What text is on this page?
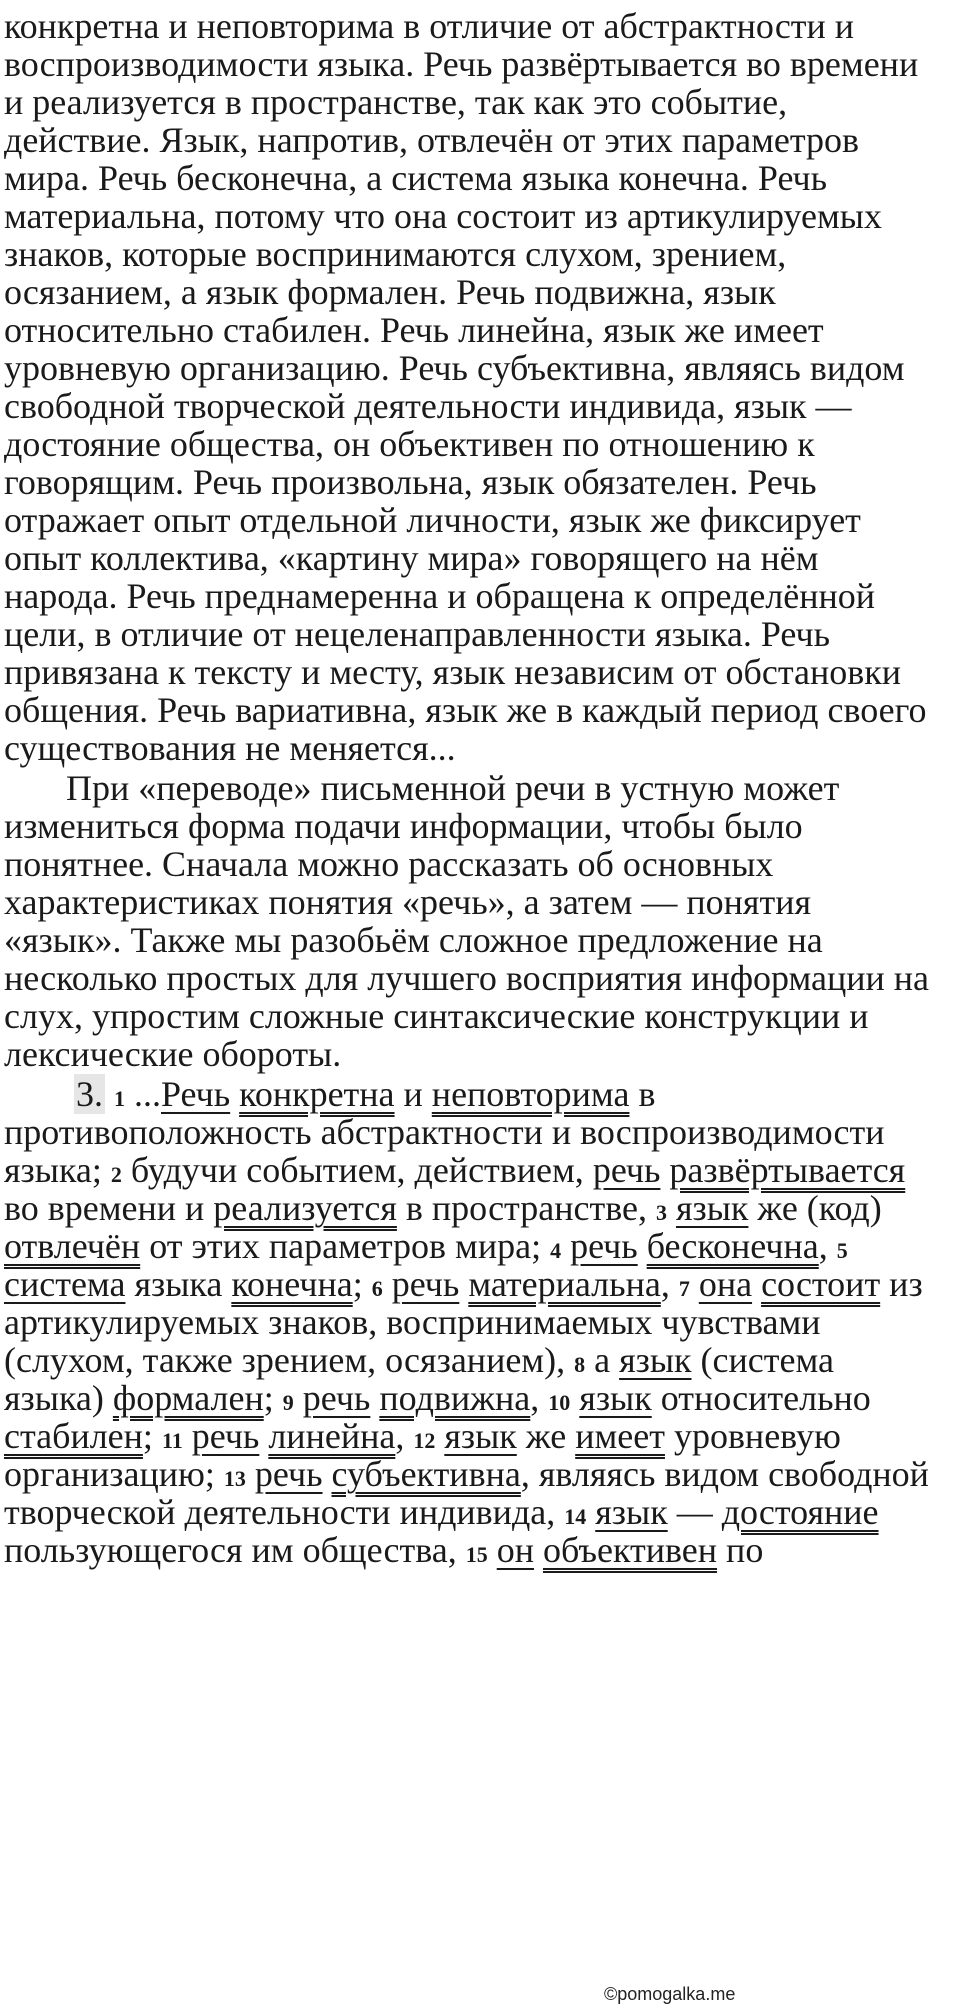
конкретна и неповторима в отличие от абстрактности и
воспроизводимости языка. Речь развёртывается во времени
и реализуется в пространстве, так как это событие,
действие. Язык, напротив, отвлечён от этих параметров
мира. Речь бесконечна, а система языка конечна. Речь
материальна, потому что она состоит из артикулируемых
знаков, которые воспринимаются слухом, зрением,
осязанием, а язык формален. Речь подвижна, язык
относительно стабилен. Речь линейна, язык же имеет
уровневую организацию. Речь субъективна, являясь видом
свободной творческой деятельности индивида, язык —
достояние общества, он объективен по отношению к
говорящим. Речь произвольна, язык обязателен. Речь
отражает опыт отдельной личности, язык же фиксирует
опыт коллектива, «картину мира» говорящего на нём
народа. Речь преднамеренна и обращена к определённой
цели, в отличие от нецеленаправленности языка. Речь
привязана к тексту и месту, язык независим от обстановки
общения. Речь вариативна, язык же в каждый период своего
существования не меняется...
При «переводе» письменной речи в устную может
измениться форма подачи информации, чтобы было
понятнее. Сначала можно рассказать об основных
характеристиках понятия «речь», а затем — понятия
«язык». Также мы разобьём сложное предложение на
несколько простых для лучшего восприятия информации на
слух, упростим сложные синтаксические конструкции и
лексические обороты.
3. 1 ...Речь конкретна и неповторима в
противоположность абстрактности и воспроизводимости
языка; 2 будучи событием, действием, речь развёртывается
во времени и реализуется в пространстве, 3 язык же (код)
отвлечён от этих параметров мира; 4 речь бесконечна, 5
система языка конечна; 6 речь материальна, 7 она состоит из
артикулируемых знаков, воспринимаемых чувствами
(слухом, также зрением, осязанием), 8 а язык (система
языка) формален; 9 речь подвижна, 10 язык относительно
стабилен; 11 речь линейна, 12 язык же имеет уровневую
организацию; 13 речь субъективна, являясь видом свободной
творческой деятельности индивида, 14 язык — достояние
пользующегося им общества, 15 он объективен по
©pomogalka.me
